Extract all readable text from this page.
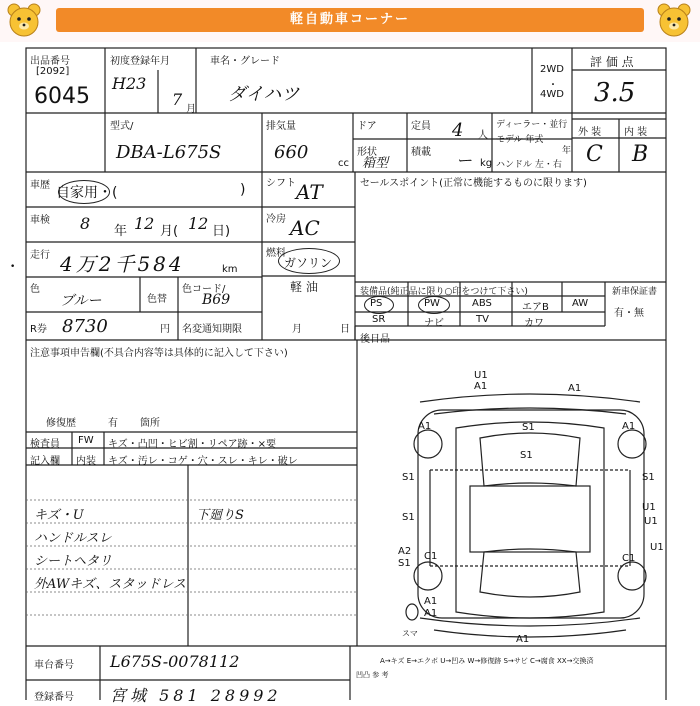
軽自動車コーナー
出品番号
[2092]
6045
初度登録年月
H23
7
月
車名・グレード
ダイハツ
2WD
・
4WD
評 価 点
3.5
型式/
DBA-L675S
排気量
660
cc
ドア
形状
箱型
定員 4 人
積載 ー kg
ディーラー・並行
モデル 年式
年
ハンドル 左・右
外 装 内 装
C B
車歴 自家用・(	) シフト AT
車検 8 年 12 月( 12 日)
冷房 AC
走行 4万2千584	km
燃料
ガソリン
軽 油
色
ブルー	色替
色コード/
B69
R券 8730	円 名変通知期限	月	日
セールスポイント(正常に機能するものに限ります)
装備品(純正品に限り○印をつけて下さい)	新車保証書
有・無
PS	PW	ABS	エアB AW
SR	ナビ	TV	カワ
後日品
注意事項申告欄(不具合内容等は具体的に記入して下さい)
修復歴	有 箇所
検査員
記入欄
FW キズ・凸凹・ヒビ割・リペア跡・×要
内装 キズ・汚レ・コゲ・穴・スレ・キレ・破レ
キズ・U
ハンドルスレ
シートヘタリ
外AWキズ、スタッドレス
下廻りS
U1
A1	A1
S1
A1	A1
S1
S1
U1
S1
S1
A2
S1
C1	C1
U1
U1
A1
A1
A1
スマ
A→キズ E→エクボ U→凹み W→修復跡 S→サビ C→腐食 XX→交換済
凹凸 参 考
車台番号 L675S-0078112
登録番号 宮城 581 28992
•
